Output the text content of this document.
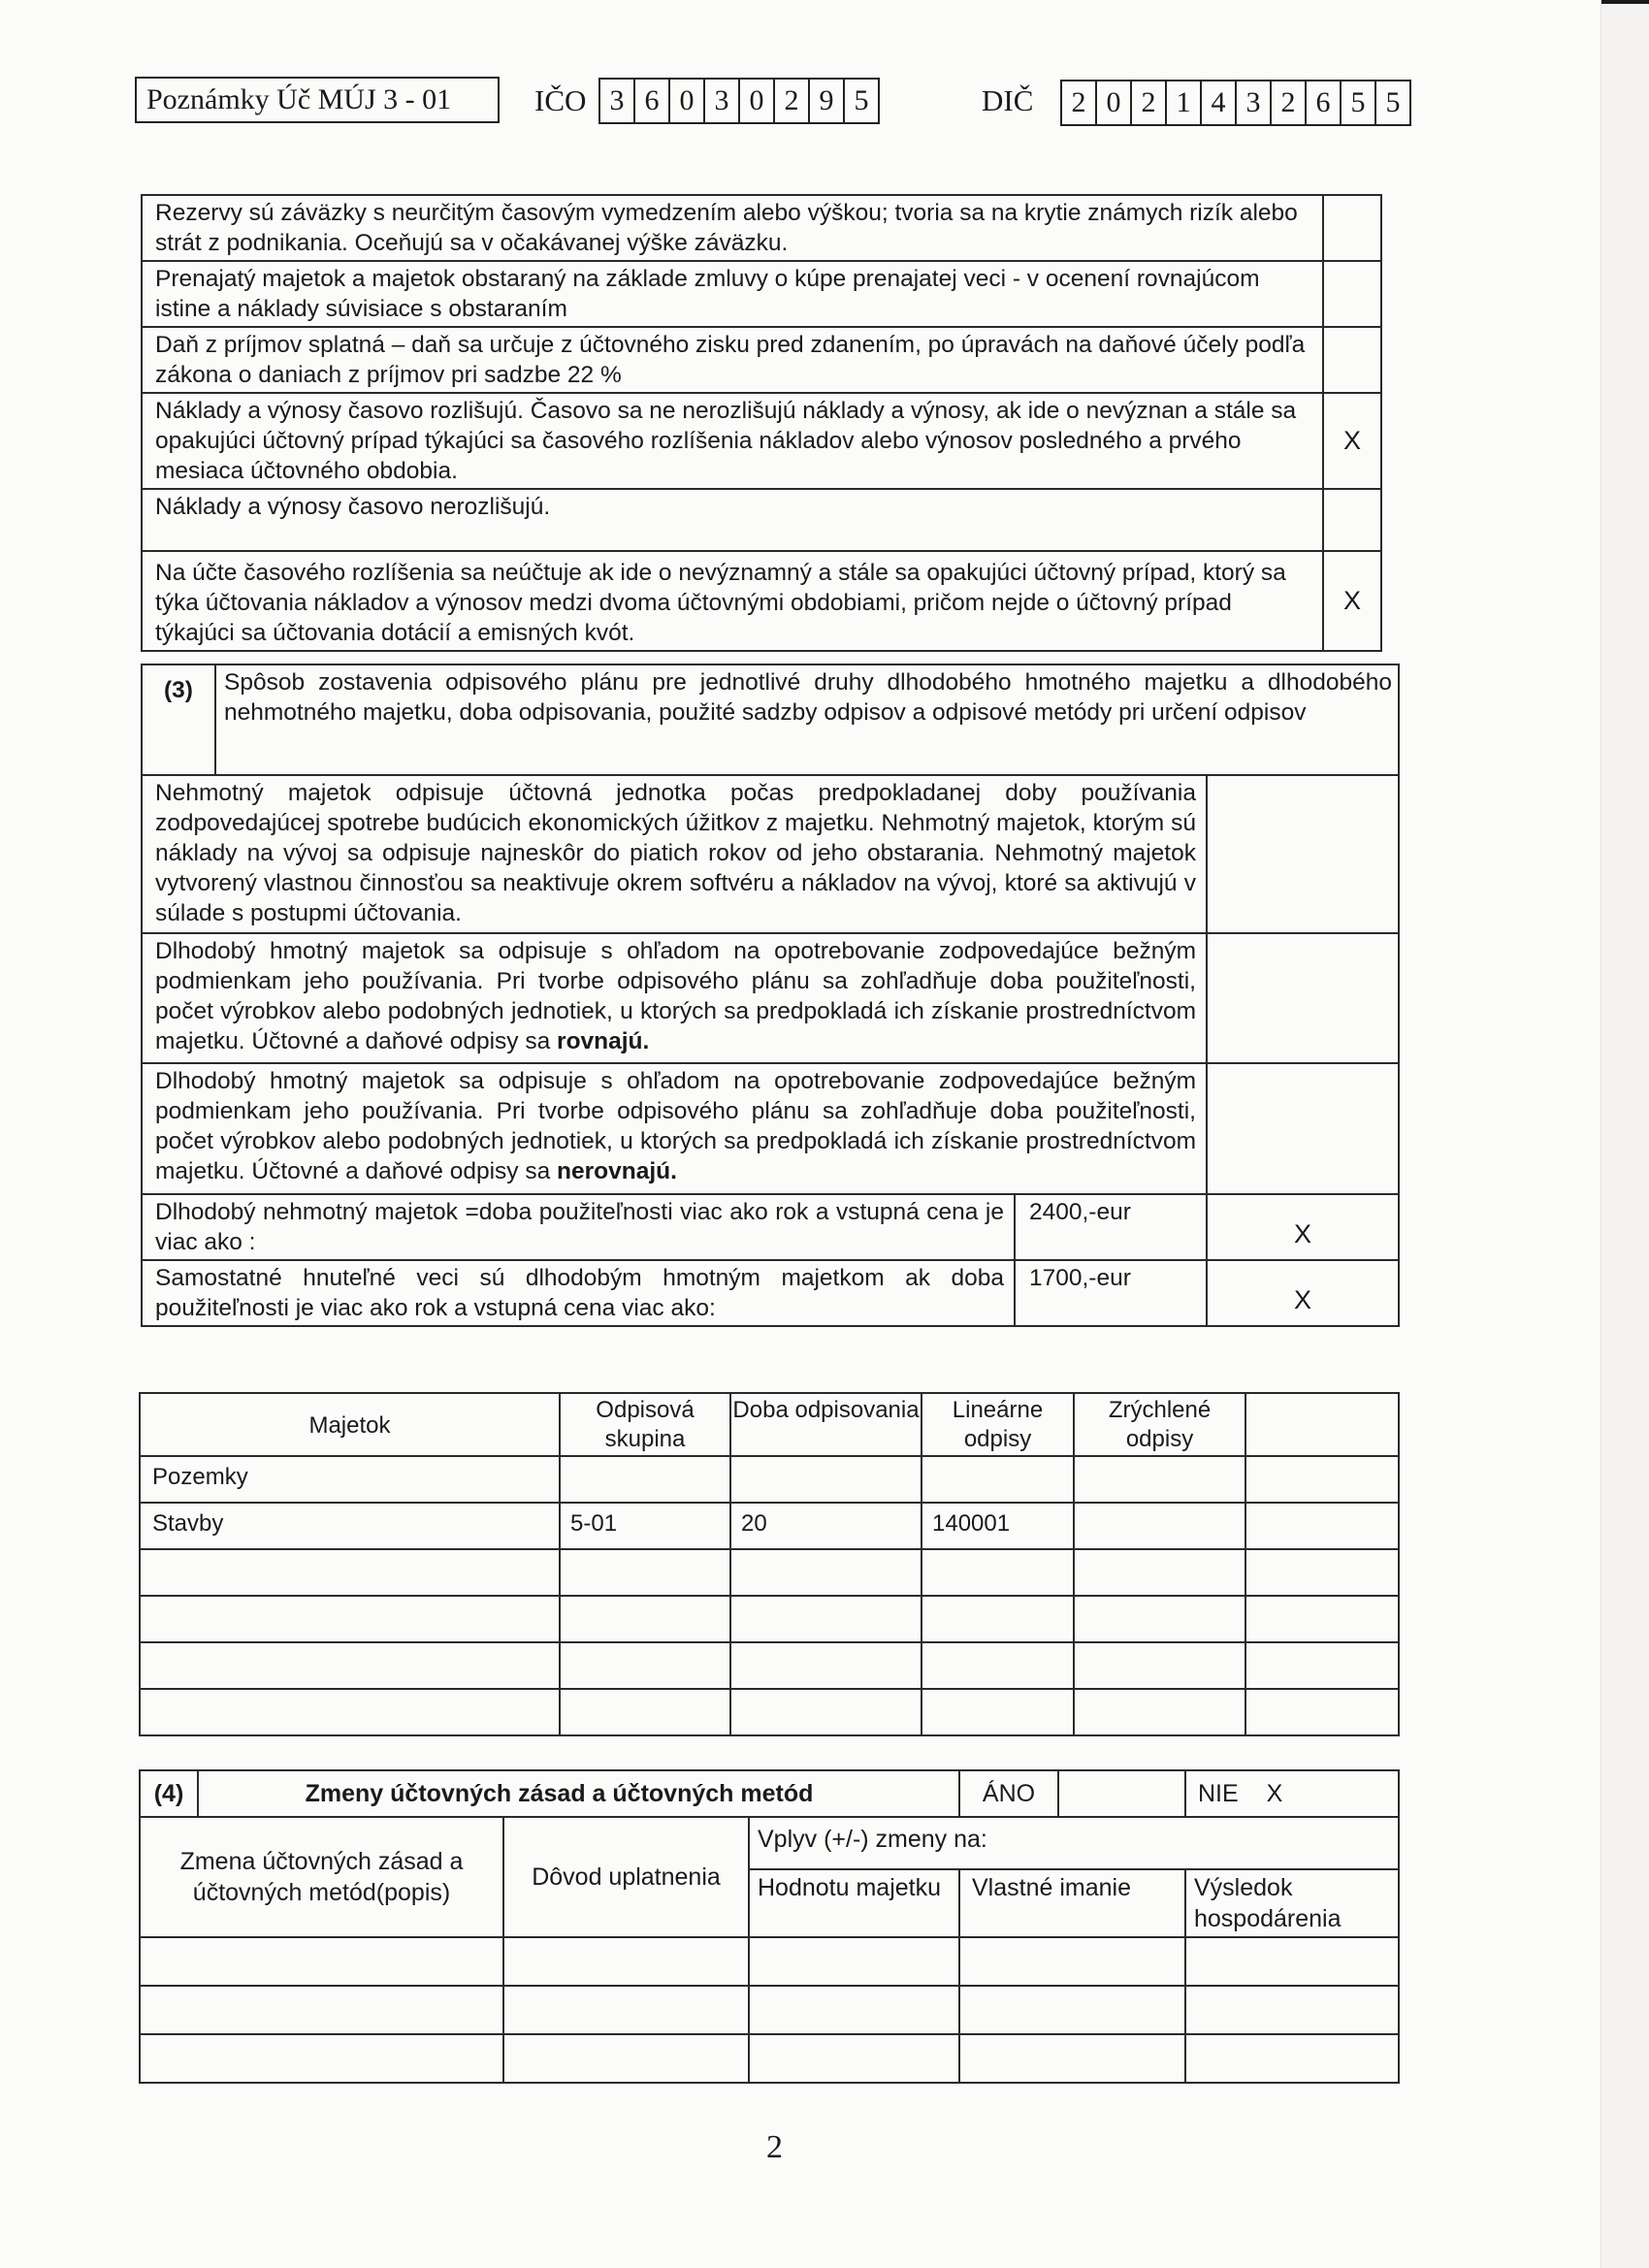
Poznámky Úč MÚJ 3 - 01	IČO 3 6 0 3 0 2 9 5	DIČ	2 0 2 1 4 3 2 6 5 5
Rezervy sú záväzky s neurčitým časovým vymedzením alebo výškou; tvoria sa na krytie známych rizík alebo strát z podnikania. Oceňujú sa v očakávanej výške záväzku.	
Prenajatý majetok a majetok obstaraný na základe zmluvy o kúpe prenajatej veci - v ocenení rovnajúcom istine a náklady súvisiace s obstaraním	
Daň z príjmov splatná – daň sa určuje z účtovného zisku pred zdanením, po úpravách na daňové účely podľa zákona o daniach z príjmov pri sadzbe 22 %	
Náklady a výnosy časovo rozlišujú. Časovo sa ne nerozlišujú náklady a výnosy, ak ide o nevýznan a stále sa opakujúci účtovný prípad týkajúci sa časového rozlíšenia nákladov alebo výnosov posledného a prvého mesiaca účtovného obdobia.	X
Náklady a výnosy časovo nerozlišujú.	
Na účte časového rozlíšenia sa neúčtuje ak ide o nevýznamný a stále sa opakujúci účtovný prípad, ktorý sa týka účtovania nákladov a výnosov medzi dvoma účtovnými obdobiami, pričom nejde o účtovný prípad týkajúci sa účtovania dotácií a emisných kvót.	X
(3)	Spôsob zostavenia odpisového plánu pre jednotlivé druhy dlhodobého hmotného majetku a dlhodobého nehmotného majetku, doba odpisovania, použité sadzby odpisov a odpisové metódy pri určení odpisov		
Nehmotný majetok odpisuje účtovná jednotka počas predpokladanej doby používania zodpovedajúcej spotrebe budúcich ekonomických úžitkov z majetku. Nehmotný majetok, ktorým sú náklady na vývoj sa odpisuje najneskôr do piatich rokov od jeho obstarania. Nehmotný majetok vytvorený vlastnou činnosťou sa neaktivuje okrem softvéru a nákladov na vývoj, ktoré sa aktivujú v súlade s postupmi účtovania.			
Dlhodobý hmotný majetok sa odpisuje s ohľadom na opotrebovanie zodpovedajúce bežným podmienkam jeho používania. Pri tvorbe odpisového plánu sa zohľadňuje doba použiteľnosti, počet výrobkov alebo podobných jednotiek, u ktorých sa predpokladá ich získanie prostredníctvom majetku. Účtovné a daňové odpisy sa rovnajú.			
Dlhodobý hmotný majetok sa odpisuje s ohľadom na opotrebovanie zodpovedajúce bežným podmienkam jeho používania. Pri tvorbe odpisového plánu sa zohľadňuje doba použiteľnosti, počet výrobkov alebo podobných jednotiek, u ktorých sa predpokladá ich získanie prostredníctvom majetku. Účtovné a daňové odpisy sa nerovnajú.			
Dlhodobý nehmotný majetok =doba použiteľnosti viac ako rok a vstupná cena je viac ako :		2400,-eur	X
Samostatné hnuteľné veci sú dlhodobým hmotným majetkom ak doba použiteľnosti je viac ako rok a vstupná cena viac ako:		1700,-eur	X
Majetok	Odpisová skupina	Doba odpisovania	Lineárne odpisy	Zrýchlené odpisy	
Pozemky					
Stavby	5-01	20	140001		

(4)	Zmeny účtovných zásad a účtovných metód			ÁNO		NIE X
Zmena účtovných zásad a účtovných metód(popis)		Dôvod uplatnenia	Vplyv (+/-) zmeny na:			
			Hodnotu majetku	Vlastné imanie		Výsledok hospodárenia

2
